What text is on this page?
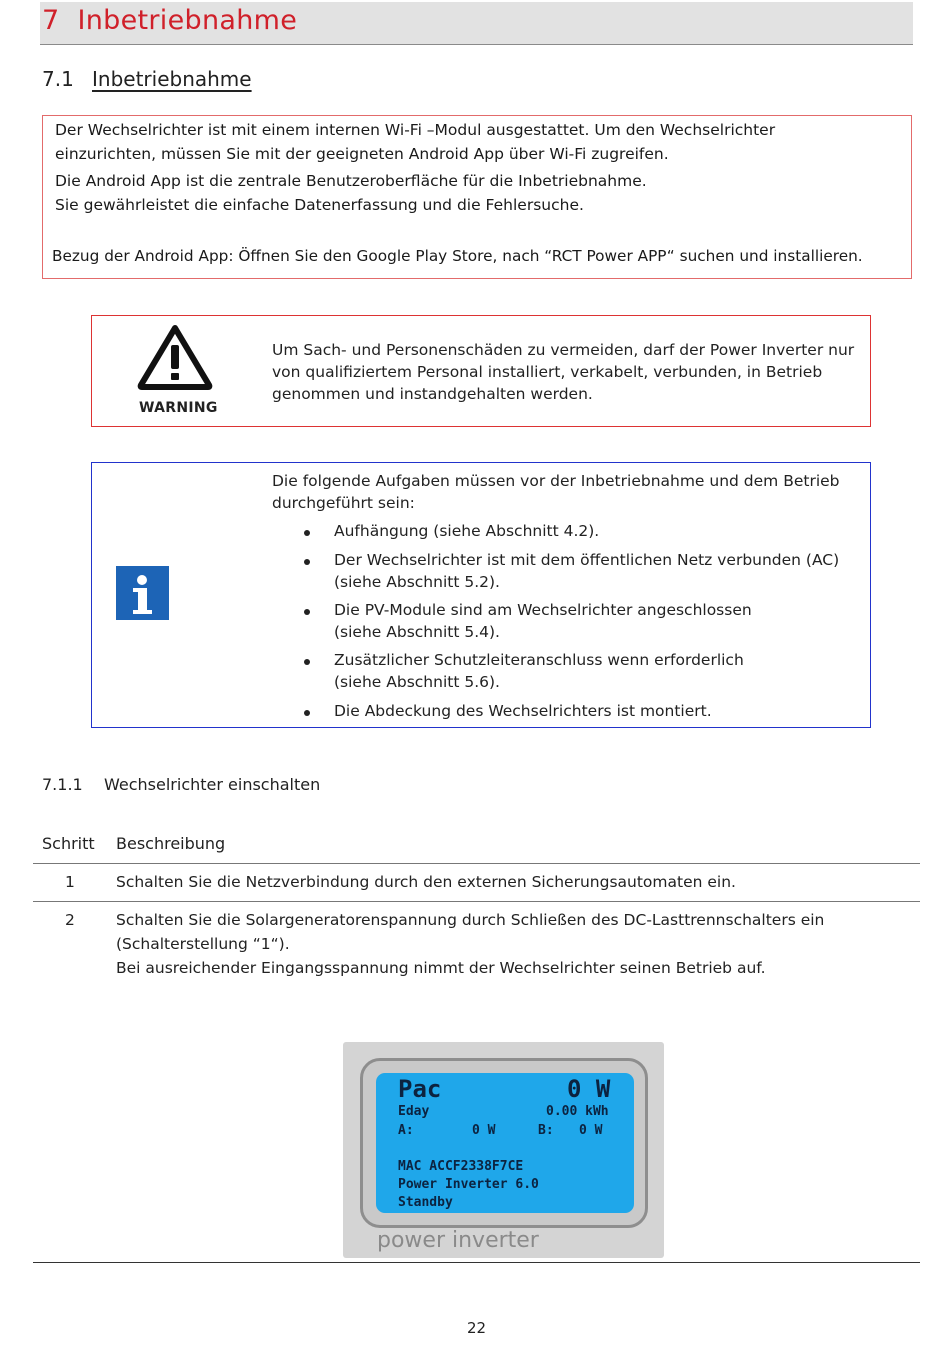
7 Inbetriebnahme
7.1 Inbetriebnahme
Der Wechselrichter ist mit einem internen Wi-Fi –Modul ausgestattet. Um den Wechselrichter
einzurichten, müssen Sie mit der geeigneten Android App über Wi-Fi zugreifen.
Die Android App ist die zentrale Benutzeroberfläche für die Inbetriebnahme.
Sie gewährleistet die einfache Datenerfassung und die Fehlersuche.
Bezug der Android App: Öffnen Sie den Google Play Store, nach “RCT Power APP“ suchen und installieren.
WARNING
Um Sach- und Personenschäden zu vermeiden, darf der Power Inverter nur
von qualifiziertem Personal installiert, verkabelt, verbunden, in Betrieb
genommen und instandgehalten werden.
Die folgende Aufgaben müssen vor der Inbetriebnahme und dem Betrieb
durchgeführt sein:
Aufhängung (siehe Abschnitt 4.2).
Der Wechselrichter ist mit dem öffentlichen Netz verbunden (AC)
(siehe Abschnitt 5.2).
Die PV-Module sind am Wechselrichter angeschlossen
(siehe Abschnitt 5.4).
Zusätzlicher Schutzleiteranschluss wenn erforderlich
(siehe Abschnitt 5.6).
Die Abdeckung des Wechselrichters ist montiert.
7.1.1 Wechselrichter einschalten
Schritt Beschreibung
1	Schalten Sie die Netzverbindung durch den externen Sicherungsautomaten ein.
2	Schalten Sie die Solargeneratorenspannung durch Schließen des DC-Lasttrennschalters ein
(Schalterstellung “1“).
Bei ausreichender Eingangsspannung nimmt der Wechselrichter seinen Betrieb auf.
Pac	0 W
Eday	0.00 kWh
A:	0 W	B: 0 W
MAC ACCF2338F7CE
Power Inverter 6.0
Standby
power inverter
22
